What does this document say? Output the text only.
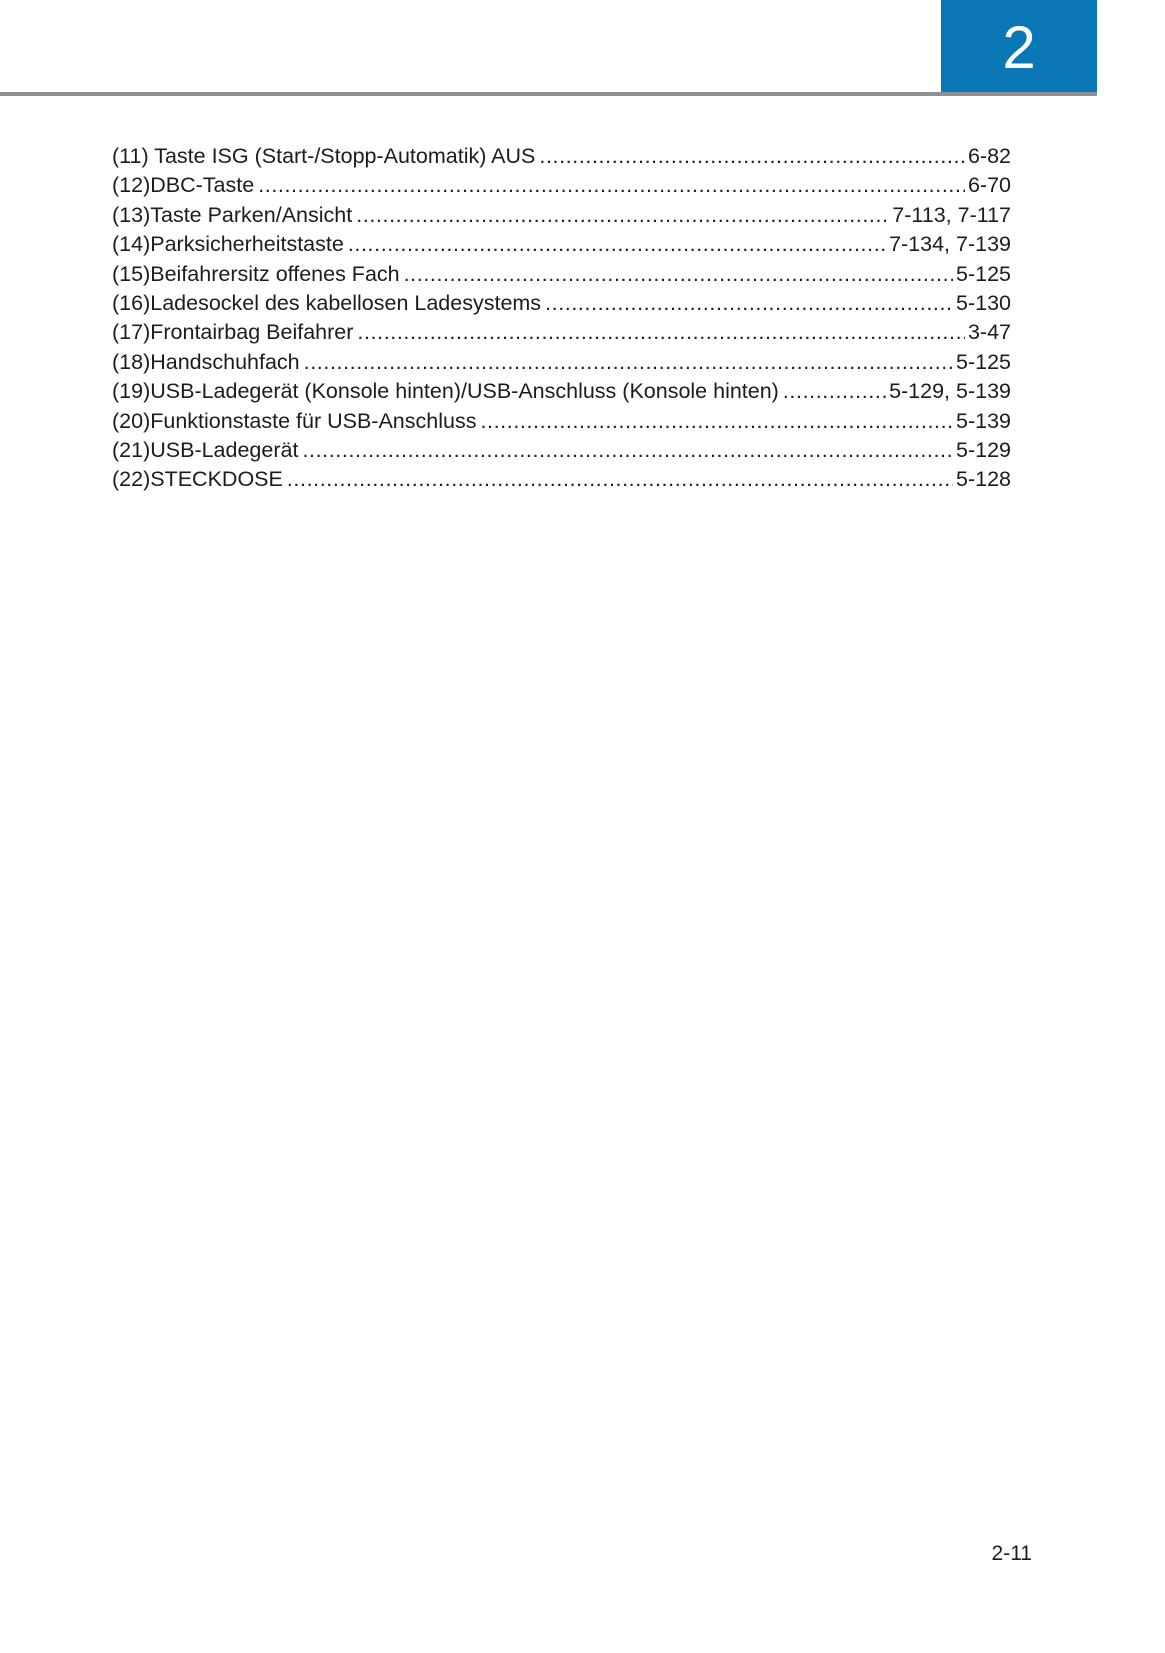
2
(11) Taste ISG (Start-/Stopp-Automatik) AUS .....	6-82
(12)DBC-Taste .....	6-70
(13)Taste Parken/Ansicht .....	7-113, 7-117
(14)Parksicherheitstaste .....	7-134, 7-139
(15)Beifahrersitz offenes Fach .....	5-125
(16)Ladesockel des kabellosen Ladesystems .....	5-130
(17)Frontairbag Beifahrer .....	3-47
(18)Handschuhfach .....	5-125
(19)USB-Ladegerät (Konsole hinten)/USB-Anschluss (Konsole hinten) .....	5-129, 5-139
(20)Funktionstaste für USB-Anschluss .....	5-139
(21)USB-Ladegerät .....	5-129
(22)STECKDOSE .....	5-128
2-11
